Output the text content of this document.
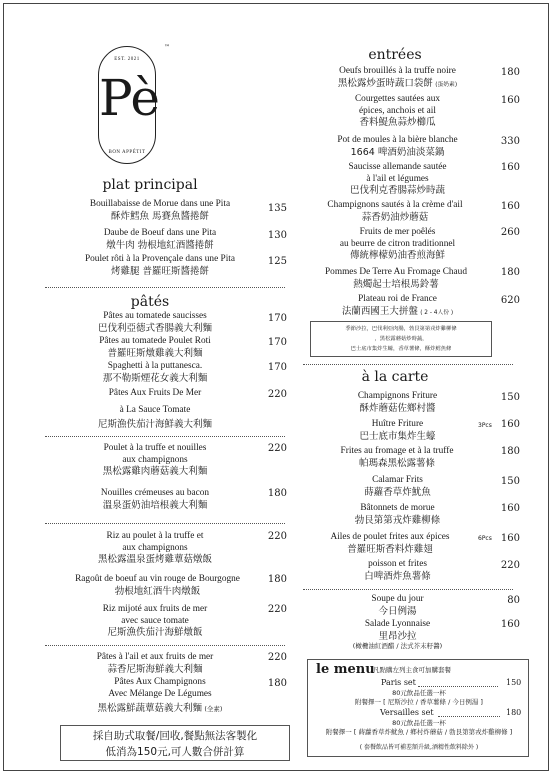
EST. 2021
Pè
BON APPÉTIT
™
plat principal
Bouillabaisse de Morue dans une Pita
酥炸鱈魚 馬賽魚醬捲餅
135
Daube de Boeuf dans une Pita
燉牛肉 勃根地紅酒醬捲餅
130
Poulet rôti à la Provençale dans une Pita
烤雞腿 普羅旺斯醬捲餅
125
pâtés
Pâtes au tomatede saucisses
巴伐利亞德式香腸義大利麵
170
Pâtes au tomatede Poulet Roti
普羅旺斯燉雞義大利麵
170
Spaghetti à la puttanesca.
那不勒斯煙花女義大利麵
170
Pâtes Aux Fruits De Mer
à La Sauce Tomate
尼斯漁佚茄汁海鮮義大利麵
220
Poulet à la truffe et nouilles
aux champignons
黑松露雞肉蘑菇義大利麵
220
Nouilles crémeuses au bacon
溫泉蛋奶油培根義大利麵
180
Riz au poulet à la truffe et
aux champignons
黑松露溫泉蛋烤雞蕈菇燉飯
220
Ragoût de boeuf au vin rouge de Bourgogne
勃根地紅酒牛肉燉飯
180
Riz mijoté aux fruits de mer
avec sauce tomate
尼斯漁佚茄汁海鮮燉飯
220
Pâtes à l'ail et aux fruits de mer
蒜香尼斯海鮮義大利麵
220
Pâtes Aux Champignons
Avec Mélange De Légumes
黑松露鮮蔬蕈菇義大利麵 (全素)
180
採自助式取餐/回收,餐點無法客製化
低消為150元,可人數合併計算
entrées
Oeufs brouillés à la truffe noire
黑松露炒蛋時蔬口袋餅 (蛋奶素)
180
Courgettes sautées aux
épices, anchois et ail
香料鯷魚蒜炒櫛瓜
160
Pot de moules à la bière blanche
1664 啤酒奶油淡菜鍋
330
Saucisse allemande sautée
à l'ail et légumes
巴伐利克香腸蒜炒時蔬
160
Champignons sautés à la crème d'ail
蒜香奶油炒蘑菇
160
Fruits de mer poêlés
au beurre de citron traditionnel
傳統檸檬奶油香煎海鮮
260
Pommes De Terre Au Fromage Chaud
熱燭起士培根馬鈴薯
180
Plateau roi de France
法蘭西國王大拼盤 ( 2 - 4人份 )
620
季節沙拉，巴伐利亞肉腸，勃艮第第戎炸雞柳條
，黑松露蘑菇炒時蔬，
巴士底市集炸生蠔，香草薯條，酥炸鱈魚條
à la carte
Champignons Friture
酥炸蘑菇佐鄉村醬
150
Huître Friture
巴士底市集炸生蠔
3Pcs 160
Frites au fromage et à la truffe
帕瑪森黑松露薯條
180
Calamar Frits
蒔蘿香草炸魷魚
150
Bâtonnets de morue
勃艮第第戎炸雞柳條
160
Ailes de poulet frites aux épices
普羅旺斯香料炸雞翅
6Pcs 160
poisson et frites
白啤酒炸魚薯條
220
Soupe du jour
今日例湯
80
Salade Lyonnaise
里昂沙拉
(橄欖油紅酒醋 / 法式芥末籽醬)
160
le menu
凡點購左列主食可加購套餐
Paris set	150
80元飲品任選一杯
附餐擇一 [ 尼斯沙拉 / 香草薯條 / 今日例湯 ]
Versailles set	180
80元飲品任選一杯
附餐擇一 [ 蒔蘿香草炸魷魚 / 鄉村炸蘑菇 / 勃艮第第戎炸雞柳條 ]
( 套餐飲品皆可補差額升級,酒精性飲料除外 )
